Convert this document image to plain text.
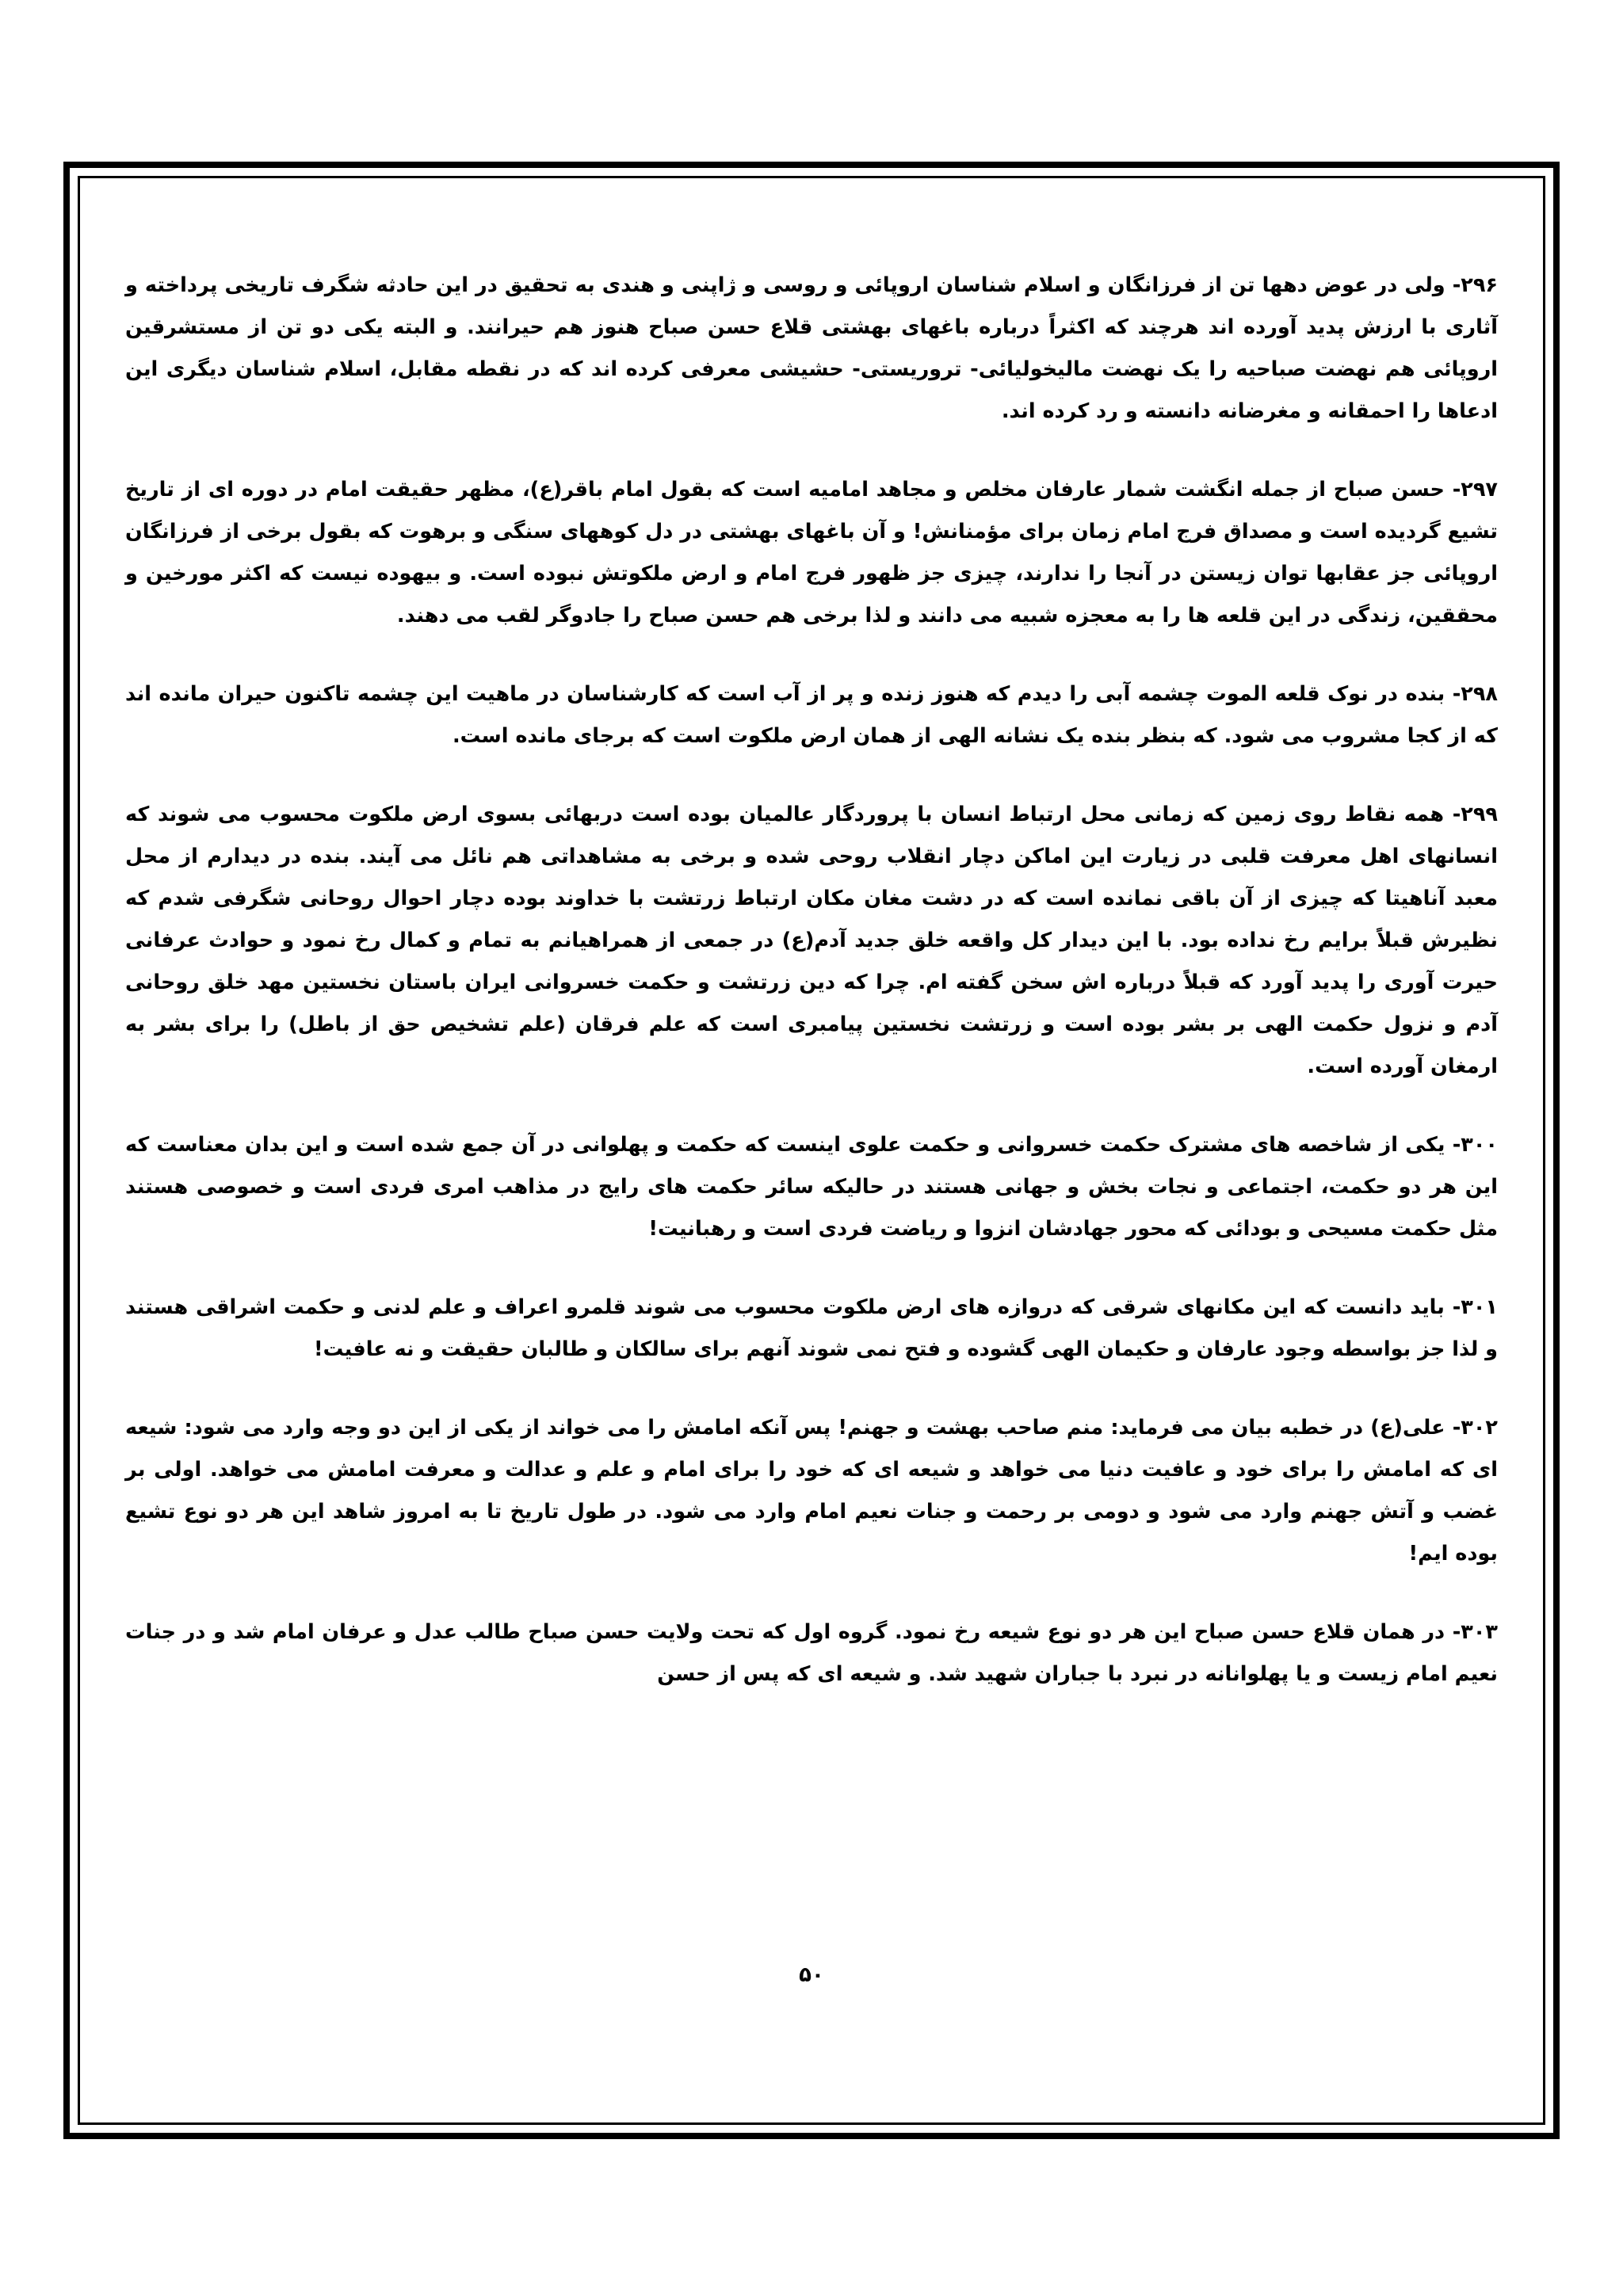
۲۹۶- ولی در عوض دهها تن از فرزانگان و اسلام شناسان اروپائی و روسی و ژاپنی و هندی به تحقیق در این حادثه شگرف تاریخی پرداخته و آثاری با ارزش پدید آورده اند هرچند که اکثراً درباره باغهای بهشتی قلاع حسن صباح هنوز هم حیرانند. و البته یکی دو تن از مستشرقین اروپائی هم نهضت صباحیه را یک نهضت مالیخولیائی- تروریستی- حشیشی معرفی کرده اند که در نقطه مقابل، اسلام شناسان دیگری این ادعاها را احمقانه و مغرضانه دانسته و رد کرده اند.

۲۹۷- حسن صباح از جمله انگشت شمار عارفان مخلص و مجاهد امامیه است که بقول امام باقر(ع)، مظهر حقیقت امام در دوره ای از تاریخ تشیع گردیده است و مصداق فرج امام زمان برای مؤمنانش! و آن باغهای بهشتی در دل کوههای سنگی و برهوت که بقول برخی از فرزانگان اروپائی جز عقابها توان زیستن در آنجا را ندارند، چیزی جز ظهور فرج امام و ارض ملکوتش نبوده است. و بیهوده نیست که اکثر مورخین و محققین، زندگی در این قلعه ها را به معجزه شبیه می دانند و لذا برخی هم حسن صباح را جادوگر لقب می دهند.

۲۹۸- بنده در نوک قلعه الموت چشمه آبی را دیدم که هنوز زنده و پر از آب است که کارشناسان در ماهیت این چشمه تاکنون حیران مانده اند که از کجا مشروب می شود. که بنظر بنده یک نشانه الهی از همان ارض ملکوت است که برجای مانده است.

۲۹۹- همه نقاط روی زمین که زمانی محل ارتباط انسان با پروردگار عالمیان بوده است دربهائی بسوی ارض ملکوت محسوب می شوند که انسانهای اهل معرفت قلبی در زیارت این اماکن دچار انقلاب روحی شده و برخی به مشاهداتی هم نائل می آیند. بنده در دیدارم از محل معبد آناهیتا که چیزی از آن باقی نمانده است که در دشت مغان مکان ارتباط زرتشت با خداوند بوده دچار احوال روحانی شگرفی شدم که نظیرش قبلاً برایم رخ نداده بود. با این دیدار کل واقعه خلق جدید آدم(ع) در جمعی از همراهیانم به تمام و کمال رخ نمود و حوادث عرفانی حیرت آوری را پدید آورد که قبلاً درباره اش سخن گفته ام. چرا که دین زرتشت و حکمت خسروانی ایران باستان نخستین مهد خلق روحانی آدم و نزول حکمت الهی بر بشر بوده است و زرتشت نخستین پیامبری است که علم فرقان (علم تشخیص حق از باطل) را برای بشر به ارمغان آورده است.

۳۰۰- یکی از شاخصه های مشترک حکمت خسروانی و حکمت علوی اینست که حکمت و پهلوانی در آن جمع شده است و این بدان معناست که این هر دو حکمت، اجتماعی و نجات بخش و جهانی هستند در حالیکه سائر حکمت های رایج در مذاهب امری فردی است و خصوصی هستند مثل حکمت مسیحی و بودائی که محور جهادشان انزوا و ریاضت فردی است و رهبانیت!

۳۰۱- باید دانست که این مکانهای شرقی که دروازه های ارض ملکوت محسوب می شوند قلمرو اعراف و علم لدنی و حکمت اشراقی هستند و لذا جز بواسطه وجود عارفان و حکیمان الهی گشوده و فتح نمی شوند آنهم برای سالکان و طالبان حقیقت و نه عافیت!

۳۰۲- علی(ع) در خطبه بیان می فرماید: منم صاحب بهشت و جهنم! پس آنکه امامش را می خواند از یکی از این دو وجه وارد می شود: شیعه ای که امامش را برای خود و عافیت دنیا می خواهد و شیعه ای که خود را برای امام و علم و عدالت و معرفت امامش می خواهد. اولی بر غضب و آتش جهنم وارد می شود و دومی بر رحمت و جنات نعیم امام وارد می شود. در طول تاریخ تا به امروز شاهد این هر دو نوع تشیع بوده ایم!

۳۰۳- در همان قلاع حسن صباح این هر دو نوع شیعه رخ نمود. گروه اول که تحت ولایت حسن صباح طالب عدل و عرفان امام شد و در جنات نعیم امام زیست و یا پهلوانانه در نبرد با جباران شهید شد. و شیعه ای که پس از حسن

۵۰
